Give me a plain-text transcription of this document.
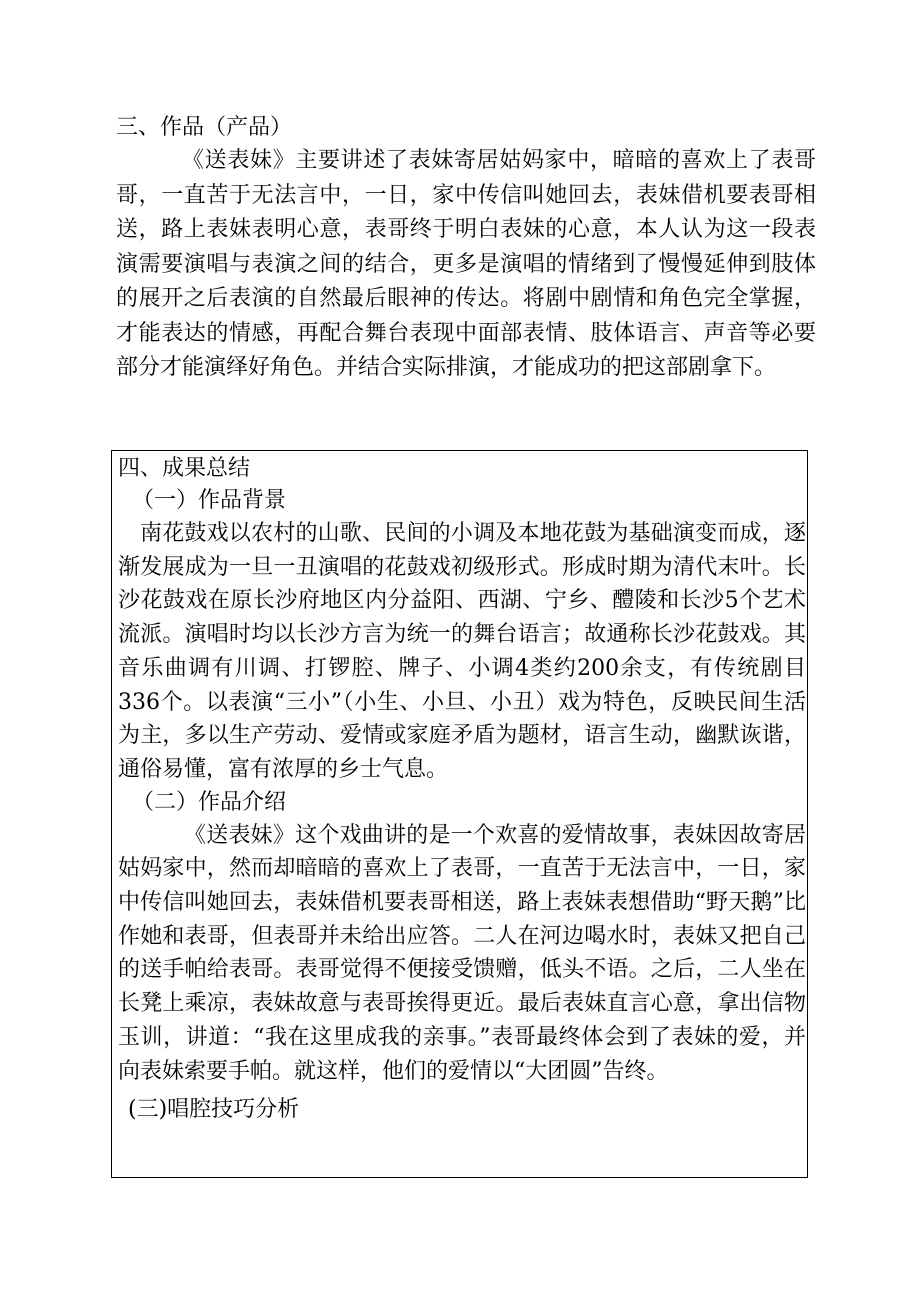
三、作品（产品）

《送表妹》主要讲述了表妹寄居姑妈家中，暗暗的喜欢上了表哥哥，一直苦于无法言中，一日，家中传信叫她回去，表妹借机要表哥相送，路上表妹表明心意，表哥终于明白表妹的心意，本人认为这一段表演需要演唱与表演之间的结合，更多是演唱的情绪到了慢慢延伸到肢体的展开之后表演的自然最后眼神的传达。将剧中剧情和角色完全掌握，才能表达的情感，再配合舞台表现中面部表情、肢体语言、声音等必要部分才能演绎好角色。并结合实际排演，才能成功的把这部剧拿下。

四、成果总结

（一）作品背景

南花鼓戏以农村的山歌、民间的小调及本地花鼓为基础演变而成，逐渐发展成为一旦一丑演唱的花鼓戏初级形式。形成时期为清代末叶。长沙花鼓戏在原长沙府地区内分益阳、西湖、宁乡、醴陵和长沙5个艺术流派。演唱时均以长沙方言为统一的舞台语言；故通称长沙花鼓戏。其音乐曲调有川调、打锣腔、牌子、小调4类约200余支，有传统剧目336个。以表演“三小”（小生、小旦、小丑）戏为特色，反映民间生活为主，多以生产劳动、爱情或家庭矛盾为题材，语言生动，幽默诙谐，通俗易懂，富有浓厚的乡士气息。

（二）作品介绍

《送表妹》这个戏曲讲的是一个欢喜的爱情故事，表妹因故寄居姑妈家中，然而却暗暗的喜欢上了表哥，一直苦于无法言中，一日，家中传信叫她回去，表妹借机要表哥相送，路上表妹表想借助“野天鹅”比作她和表哥，但表哥并未给出应答。二人在河边喝水时，表妹又把自己的送手帕给表哥。表哥觉得不便接受馈赠，低头不语。之后，二人坐在长凳上乘凉，表妹故意与表哥挨得更近。最后表妹直言心意，拿出信物玉训，讲道：“我在这里成我的亲事。”表哥最终体会到了表妹的爱，并向表妹索要手帕。就这样，他们的爱情以“大团圆”告终。

(三)唱腔技巧分析
